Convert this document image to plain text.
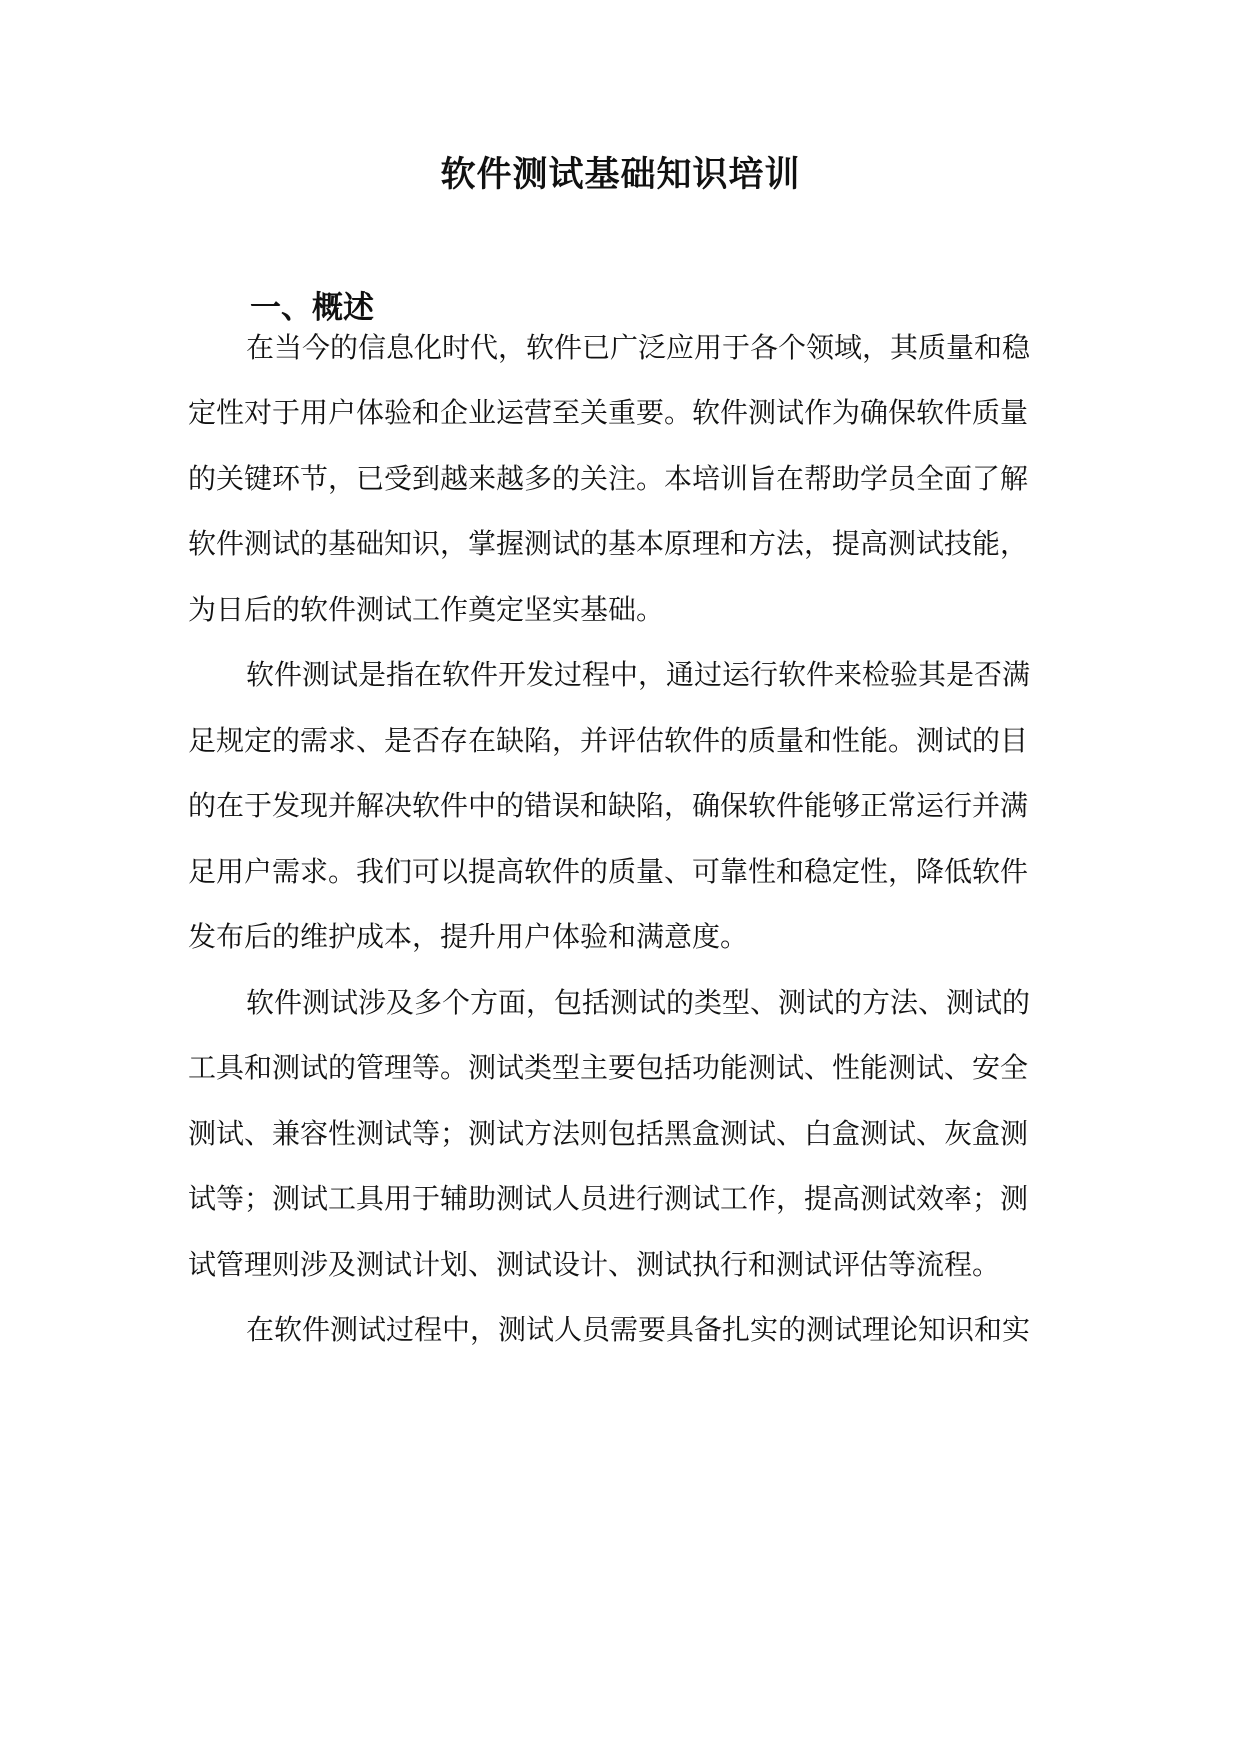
软件测试基础知识培训
一、概述
在当今的信息化时代，软件已广泛应用于各个领域，其质量和稳
定性对于用户体验和企业运营至关重要。软件测试作为确保软件质量
的关键环节，已受到越来越多的关注。本培训旨在帮助学员全面了解
软件测试的基础知识，掌握测试的基本原理和方法，提高测试技能，
为日后的软件测试工作奠定坚实基础。
软件测试是指在软件开发过程中，通过运行软件来检验其是否满
足规定的需求、是否存在缺陷，并评估软件的质量和性能。测试的目
的在于发现并解决软件中的错误和缺陷，确保软件能够正常运行并满
足用户需求。我们可以提高软件的质量、可靠性和稳定性，降低软件
发布后的维护成本，提升用户体验和满意度。
软件测试涉及多个方面，包括测试的类型、测试的方法、测试的
工具和测试的管理等。测试类型主要包括功能测试、性能测试、安全
测试、兼容性测试等；测试方法则包括黑盒测试、白盒测试、灰盒测
试等；测试工具用于辅助测试人员进行测试工作，提高测试效率；测
试管理则涉及测试计划、测试设计、测试执行和测试评估等流程。
在软件测试过程中，测试人员需要具备扎实的测试理论知识和实
